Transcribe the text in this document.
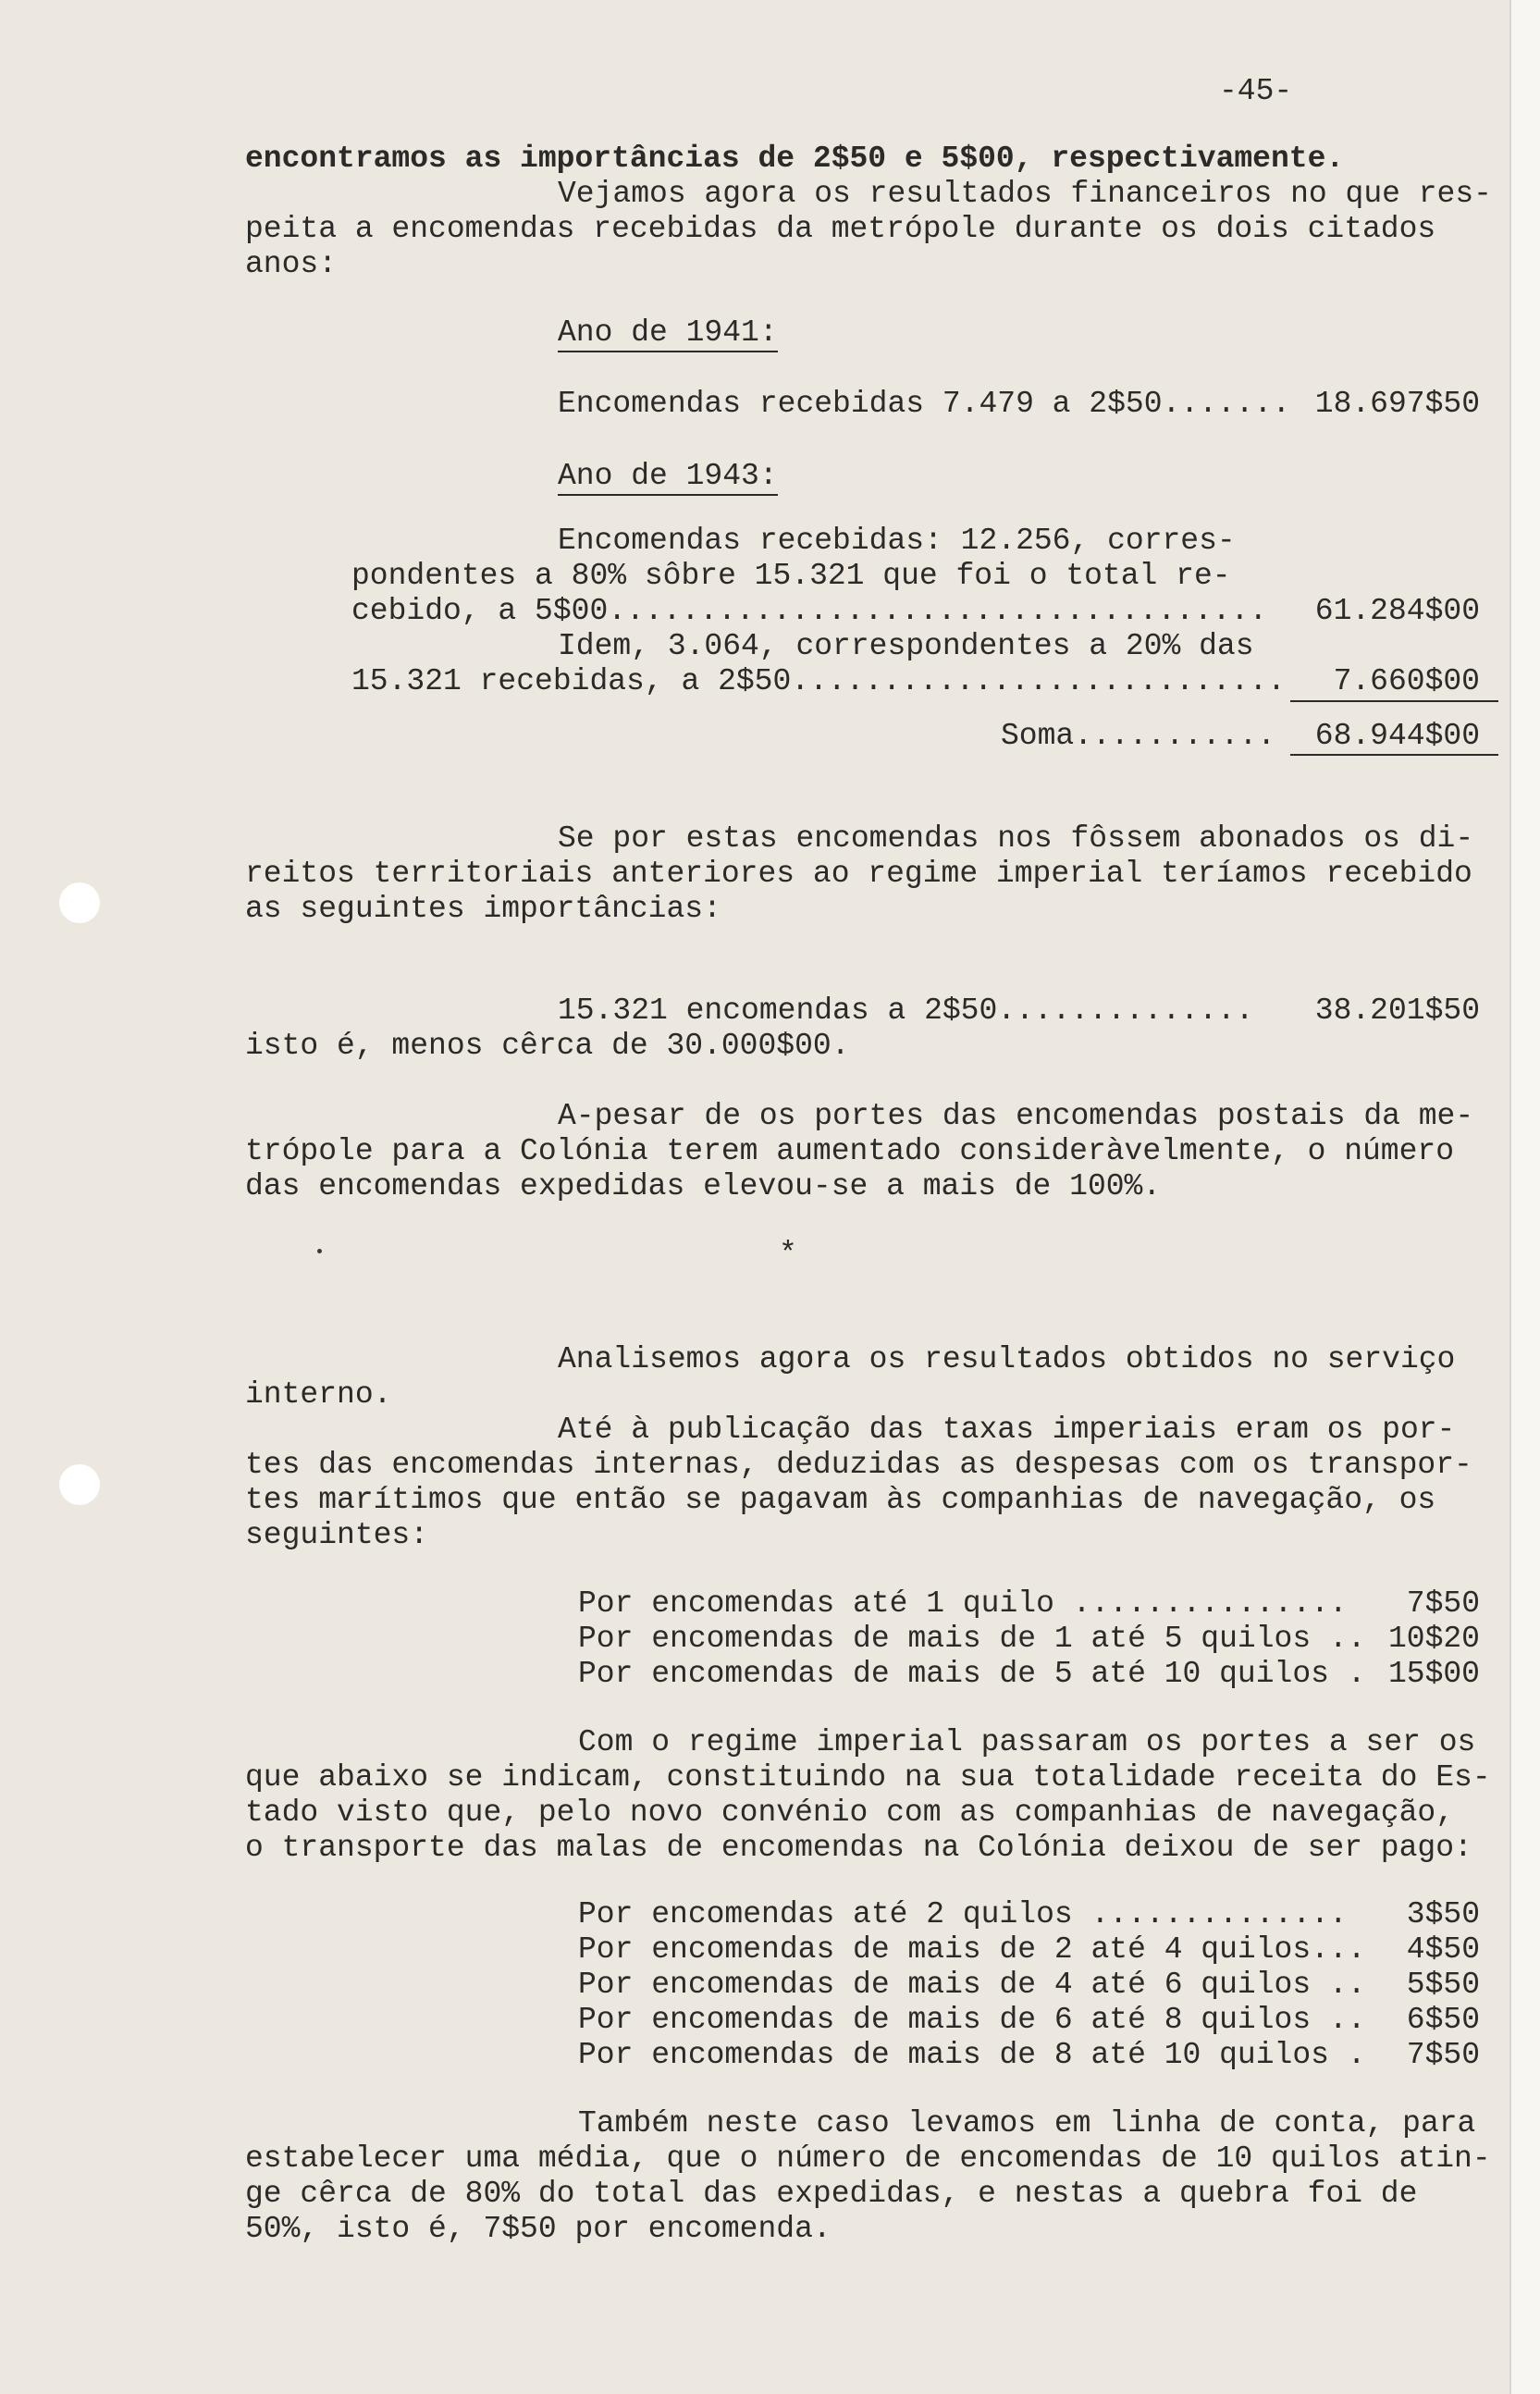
-45-
encontramos as importâncias de 2$50 e 5$00, respectivamente.
Vejamos agora os resultados financeiros no que res-
peita a encomendas recebidas da metrópole durante os dois citados
anos:
Ano de 1941:
Encomendas recebidas 7.479 a 2$50....... 18.697$50
Ano de 1943:
Encomendas recebidas: 12.256, corres-
pondentes a 80% sôbre 15.321 que foi o total re-
cebido, a 5$00.................................... 61.284$00
Idem, 3.064, correspondentes a 20% das
15.321 recebidas, a 2$50........................... 7.660$00
Soma........... 68.944$00
Se por estas encomendas nos fôssem abonados os di-
reitos territoriais anteriores ao regime imperial teríamos recebido
as seguintes importâncias:
15.321 encomendas a 2$50.............. 38.201$50
isto é, menos cêrca de 30.000$00.
A-pesar de os portes das encomendas postais da me-
trópole para a Colónia terem aumentado consideràvelmente, o número
das encomendas expedidas elevou-se a mais de 100%.
*
Analisemos agora os resultados obtidos no serviço
interno.
Até à publicação das taxas imperiais eram os por-
tes das encomendas internas, deduzidas as despesas com os transpor-
tes marítimos que então se pagavam às companhias de navegação, os
seguintes:
Por encomendas até 1 quilo ............... 7$50
Por encomendas de mais de 1 até 5 quilos .. 10$20
Por encomendas de mais de 5 até 10 quilos . 15$00
Com o regime imperial passaram os portes a ser os
que abaixo se indicam, constituindo na sua totalidade receita do Es-
tado visto que, pelo novo convénio com as companhias de navegação,
o transporte das malas de encomendas na Colónia deixou de ser pago:
Por encomendas até 2 quilos .............. 3$50
Por encomendas de mais de 2 até 4 quilos... 4$50
Por encomendas de mais de 4 até 6 quilos .. 5$50
Por encomendas de mais de 6 até 8 quilos .. 6$50
Por encomendas de mais de 8 até 10 quilos . 7$50
Também neste caso levamos em linha de conta, para
estabelecer uma média, que o número de encomendas de 10 quilos atin-
ge cêrca de 80% do total das expedidas, e nestas a quebra foi de
50%, isto é, 7$50 por encomenda.
